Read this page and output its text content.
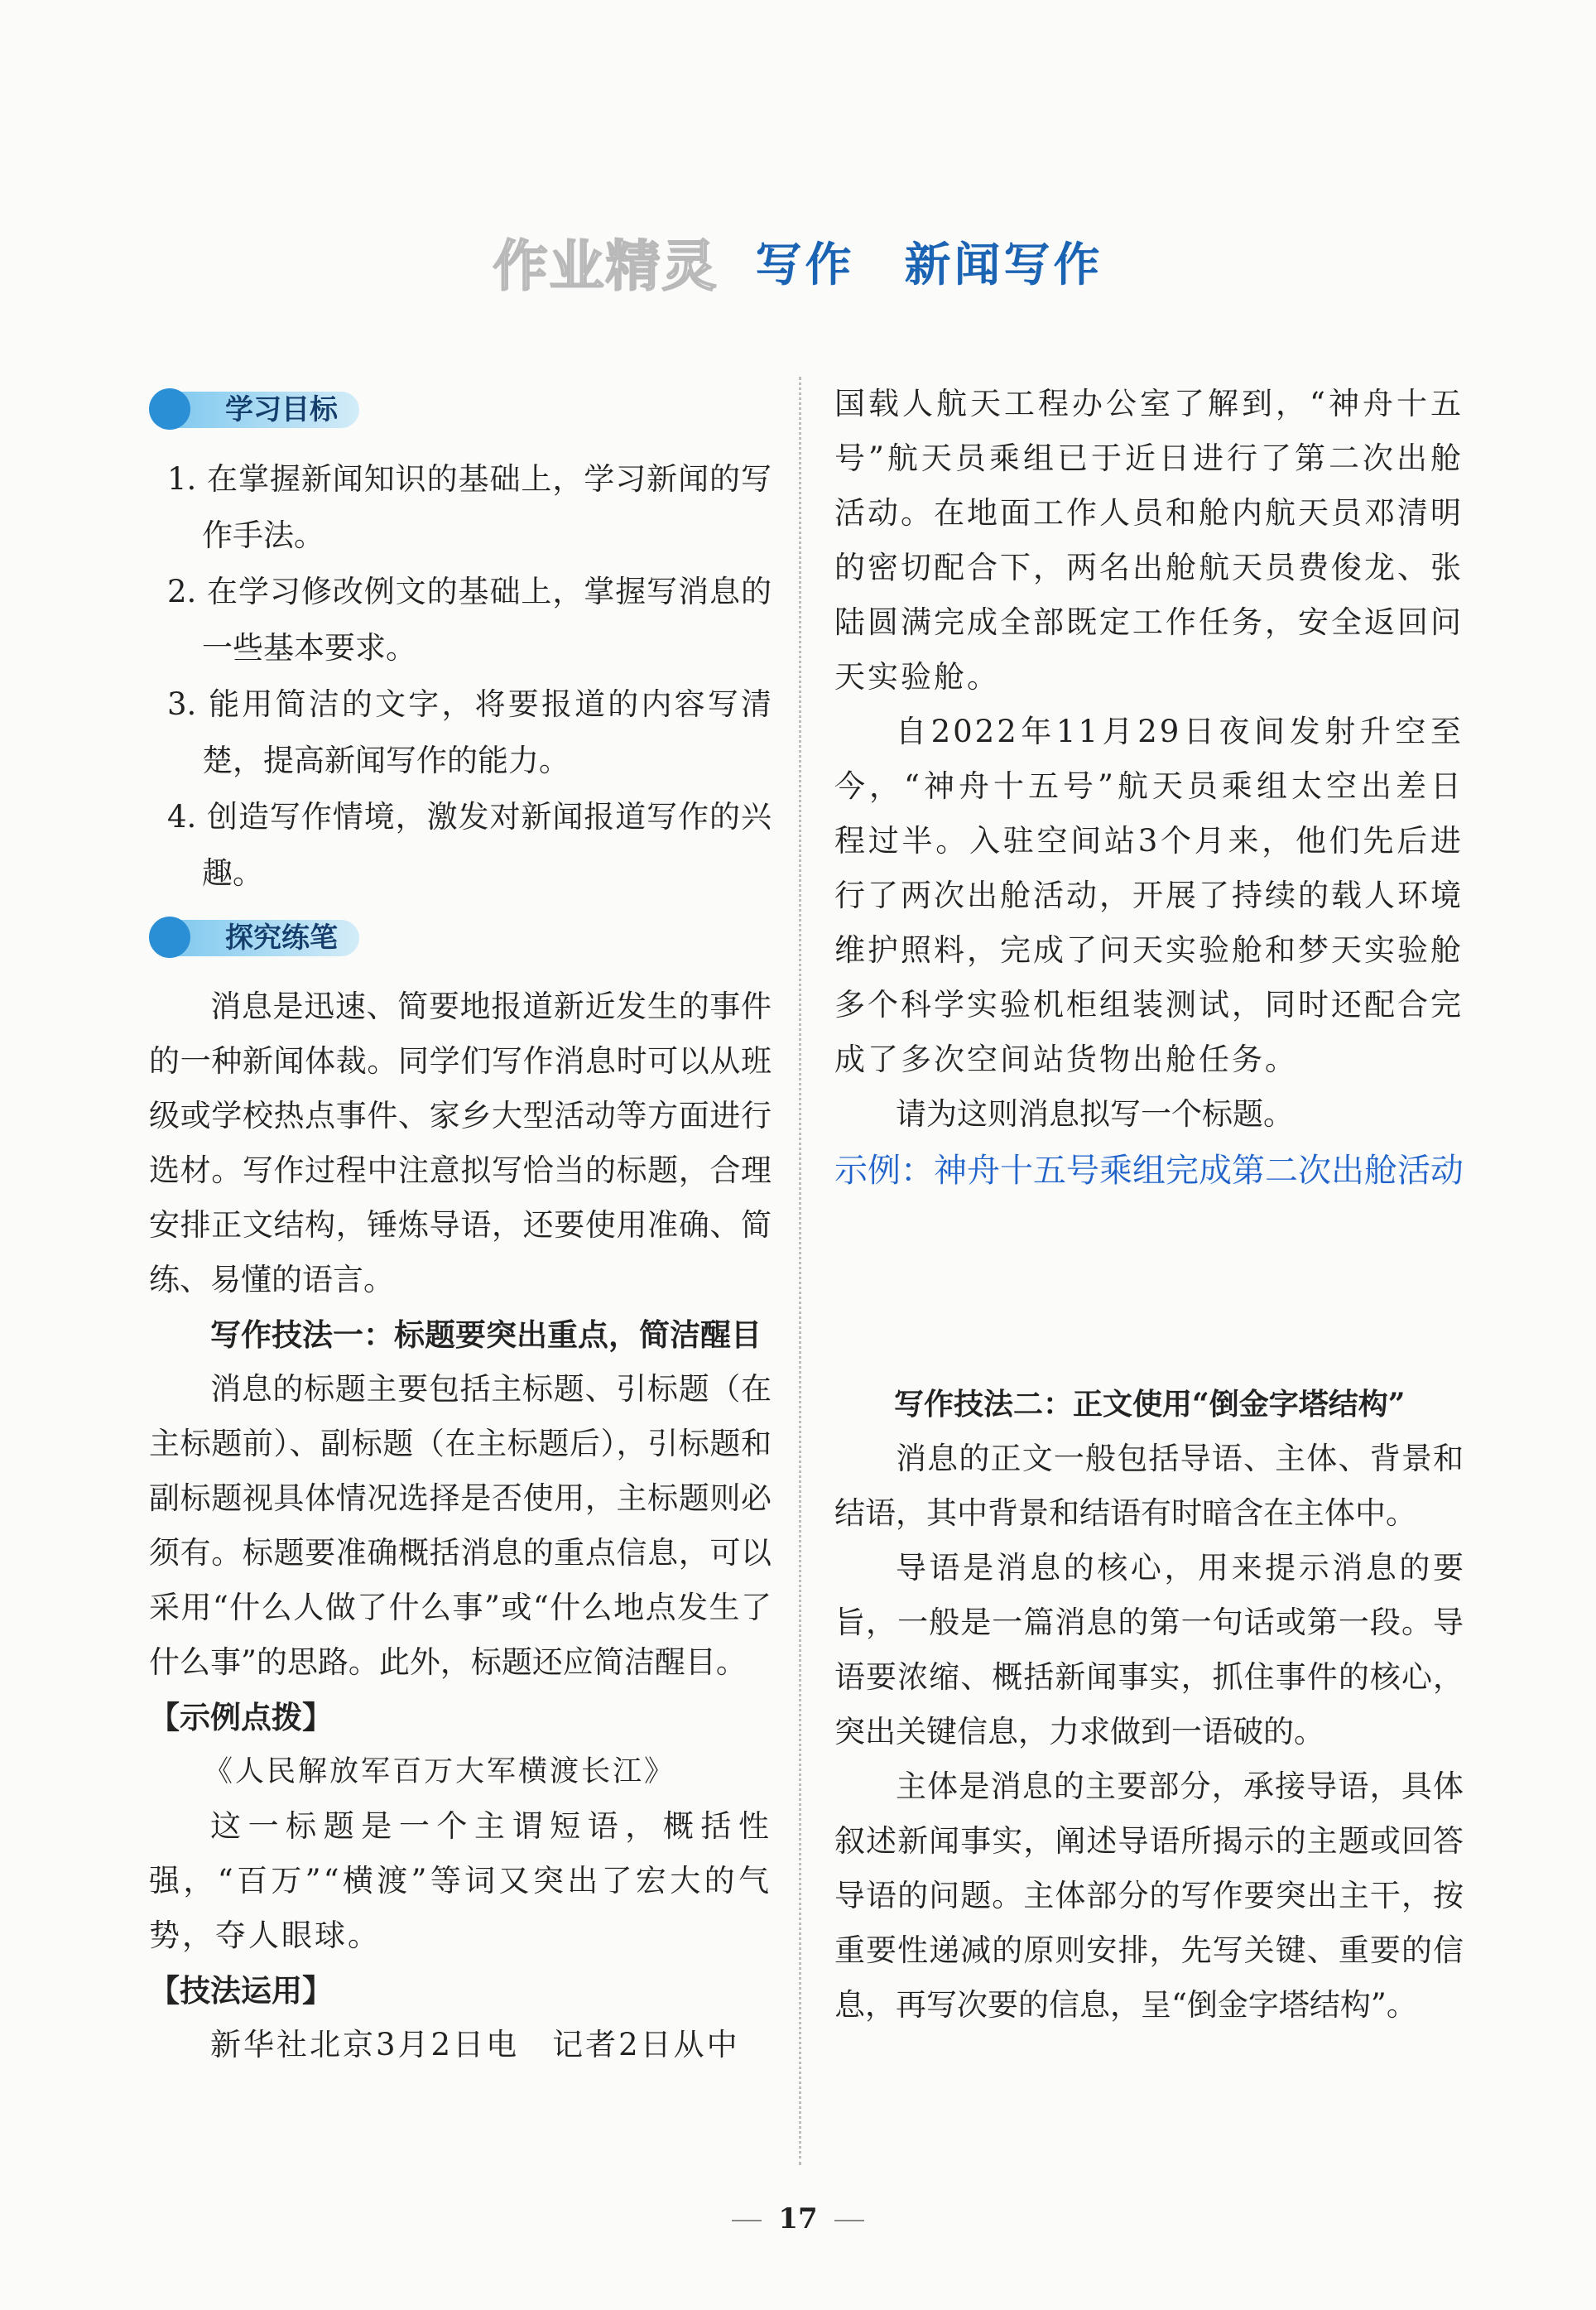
作业精灵 写作 新闻写作
学习目标
1. 在掌握新闻知识的基础上，学习新闻的写作手法。
2. 在学习修改例文的基础上，掌握写消息的一些基本要求。
3. 能用简洁的文字，将要报道的内容写清楚，提高新闻写作的能力。
4. 创造写作情境，激发对新闻报道写作的兴趣。
探究练笔

消息是迅速、简要地报道新近发生的事件的一种新闻体裁。同学们写作消息时可以从班级或学校热点事件、家乡大型活动等方面进行选材。写作过程中注意拟写恰当的标题，合理安排正文结构，锤炼导语，还要使用准确、简练、易懂的语言。

写作技法一：标题要突出重点，简洁醒目

消息的标题主要包括主标题、引标题（在主标题前）、副标题（在主标题后），引标题和副标题视具体情况选择是否使用，主标题则必须有。标题要准确概括消息的重点信息，可以采用“什么人做了什么事”或“什么地点发生了什么事”的思路。此外，标题还应简洁醒目。

【示例点拨】

《人民解放军百万大军横渡长江》

这一标题是一个主谓短语，概括性强，“百万”“横渡”等词又突出了宏大的气势，夺人眼球。

【技法运用】

新华社北京3月2日电　记者2日从中

国载人航天工程办公室了解到，“神舟十五号”航天员乘组已于近日进行了第二次出舱活动。在地面工作人员和舱内航天员邓清明的密切配合下，两名出舱航天员费俊龙、张陆圆满完成全部既定工作任务，安全返回问天实验舱。

自2022年11月29日夜间发射升空至今，“神舟十五号”航天员乘组太空出差日程过半。入驻空间站3个月来，他们先后进行了两次出舱活动，开展了持续的载人环境维护照料，完成了问天实验舱和梦天实验舱多个科学实验机柜组装测试，同时还配合完成了多次空间站货物出舱任务。

请为这则消息拟写一个标题。

示例：神舟十五号乘组完成第二次出舱活动

写作技法二：正文使用“倒金字塔结构”

消息的正文一般包括导语、主体、背景和结语，其中背景和结语有时暗含在主体中。

导语是消息的核心，用来提示消息的要旨，一般是一篇消息的第一句话或第一段。导语要浓缩、概括新闻事实，抓住事件的核心，突出关键信息，力求做到一语破的。

主体是消息的主要部分，承接导语，具体叙述新闻事实，阐述导语所揭示的主题或回答导语的问题。主体部分的写作要突出主干，按重要性递减的原则安排，先写关键、重要的信息，再写次要的信息，呈“倒金字塔结构”。

17
